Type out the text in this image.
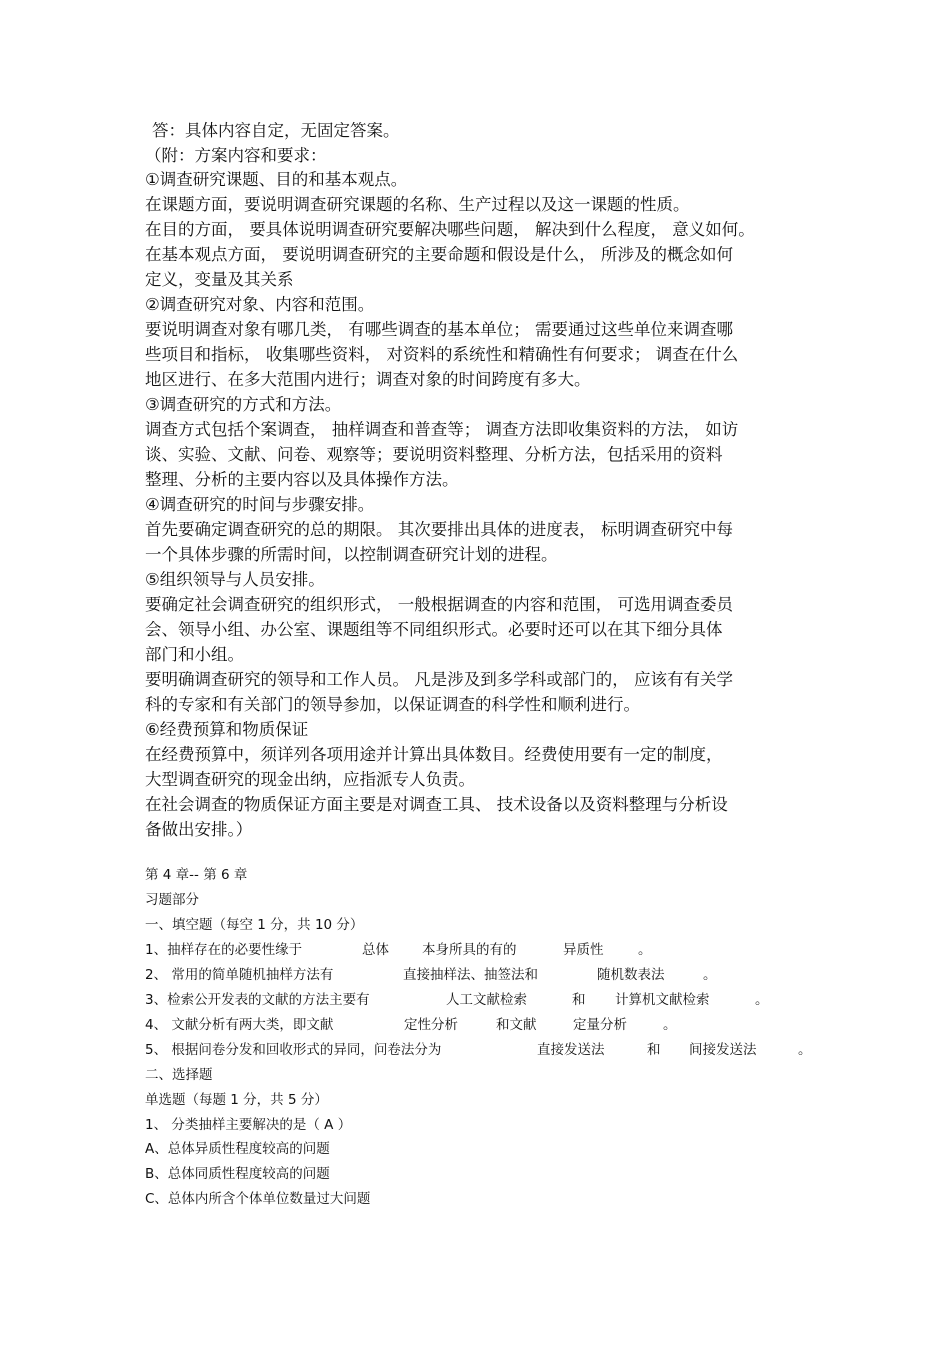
答：具体内容自定，无固定答案。
（附：方案内容和要求：
①调查研究课题、目的和基本观点。
在课题方面，要说明调查研究课题的名称、生产过程以及这一课题的性质。
在目的方面， 要具体说明调查研究要解决哪些问题， 解决到什么程度， 意义如何。
在基本观点方面， 要说明调查研究的主要命题和假设是什么， 所涉及的概念如何
定义，变量及其关系
②调查研究对象、内容和范围。
要说明调查对象有哪几类， 有哪些调查的基本单位； 需要通过这些单位来调查哪
些项目和指标， 收集哪些资料， 对资料的系统性和精确性有何要求； 调查在什么
地区进行、在多大范围内进行；调查对象的时间跨度有多大。
③调查研究的方式和方法。
调查方式包括个案调查， 抽样调查和普查等； 调查方法即收集资料的方法， 如访
谈、实验、文献、问卷、观察等；要说明资料整理、分析方法，包括采用的资料
整理、分析的主要内容以及具体操作方法。
④调查研究的时间与步骤安排。
首先要确定调查研究的总的期限。 其次要排出具体的进度表， 标明调查研究中每
一个具体步骤的所需时间，以控制调查研究计划的进程。
⑤组织领导与人员安排。
要确定社会调查研究的组织形式， 一般根据调查的内容和范围， 可选用调查委员
会、领导小组、办公室、课题组等不同组织形式。必要时还可以在其下细分具体
部门和小组。
要明确调查研究的领导和工作人员。 凡是涉及到多学科或部门的， 应该有有关学
科的专家和有关部门的领导参加，以保证调查的科学性和顺利进行。
⑥经费预算和物质保证
在经费预算中，须详列各项用途并计算出具体数目。经费使用要有一定的制度，
大型调查研究的现金出纳，应指派专人负责。
在社会调查的物质保证方面主要是对调查工具、 技术设备以及资料整理与分析设
备做出安排。）
第 4 章-- 第 6 章
习题部分
一、填空题（每空 1 分，共 10 分）
1、抽样存在的必要性缘于	总体 本身所具的有的	异质性	。
2、 常用的简单随机抽样方法有	直接抽样法、抽签法和	随机数表法	。
3、检索公开发表的文献的方法主要有	人工文献检索	和 计算机文献检索	。
4、 文献分析有两大类，即文献	定性分析	和文献	定量分析	。
5、 根据问卷分发和回收形式的异同，问卷法分为	直接发送法	和 间接发送法	。
二、选择题
单选题（每题 1 分，共 5 分）
1、 分类抽样主要解决的是（ A ）
A、总体异质性程度较高的问题
B、总体同质性程度较高的问题
C、总体内所含个体单位数量过大问题
